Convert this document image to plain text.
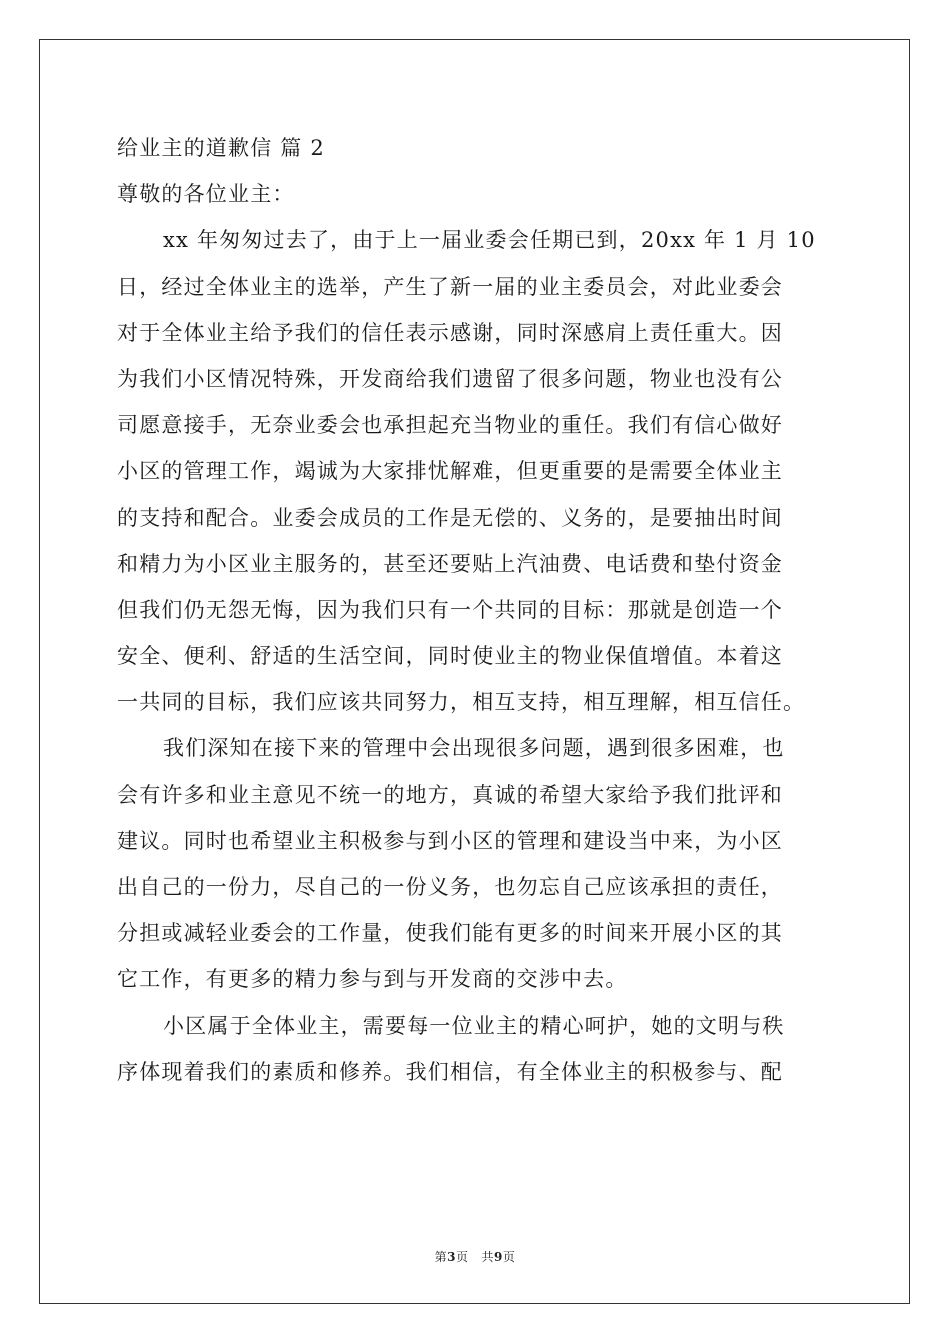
给业主的道歉信 篇 2
尊敬的各位业主：
xx 年匆匆过去了，由于上一届业委会任期已到，20xx 年 1 月 10
日，经过全体业主的选举，产生了新一届的业主委员会，对此业委会
对于全体业主给予我们的信任表示感谢，同时深感肩上责任重大。因
为我们小区情况特殊，开发商给我们遗留了很多问题，物业也没有公
司愿意接手，无奈业委会也承担起充当物业的重任。我们有信心做好
小区的管理工作，竭诚为大家排忧解难，但更重要的是需要全体业主
的支持和配合。业委会成员的工作是无偿的、义务的，是要抽出时间
和精力为小区业主服务的，甚至还要贴上汽油费、电话费和垫付资金
但我们仍无怨无悔，因为我们只有一个共同的目标：那就是创造一个
安全、便利、舒适的生活空间，同时使业主的物业保值增值。本着这
一共同的目标，我们应该共同努力，相互支持，相互理解，相互信任。
我们深知在接下来的管理中会出现很多问题，遇到很多困难，也
会有许多和业主意见不统一的地方，真诚的希望大家给予我们批评和
建议。同时也希望业主积极参与到小区的管理和建设当中来，为小区
出自己的一份力，尽自己的一份义务，也勿忘自己应该承担的责任，
分担或减轻业委会的工作量，使我们能有更多的时间来开展小区的其
它工作，有更多的精力参与到与开发商的交涉中去。
小区属于全体业主，需要每一位业主的精心呵护，她的文明与秩
序体现着我们的素质和修养。我们相信，有全体业主的积极参与、配
第3页 共9页
